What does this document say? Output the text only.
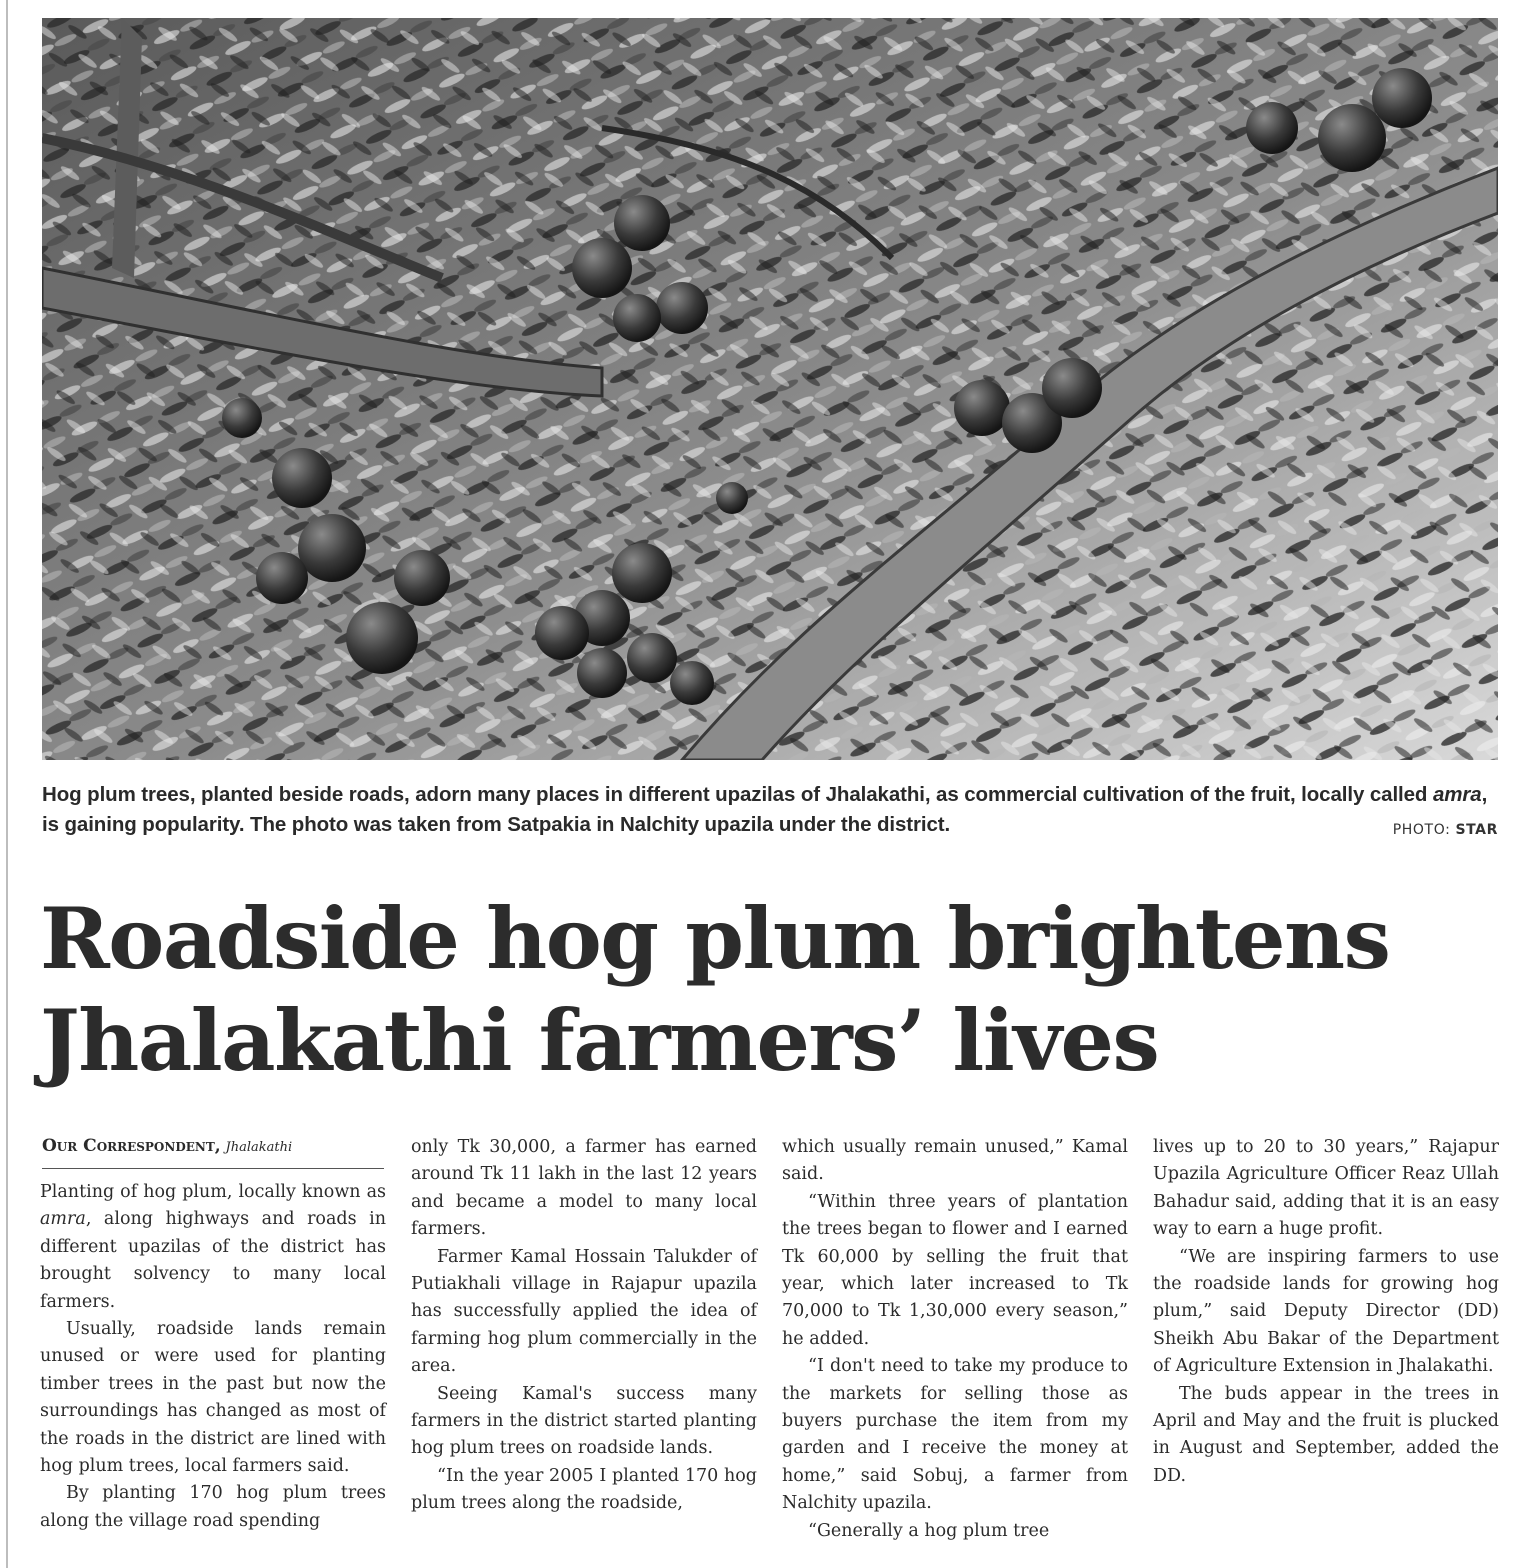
Hog plum trees, planted beside roads, adorn many places in different upazilas of Jhalakathi, as commercial cultivation of the fruit, locally called amra, is gaining popularity. The photo was taken from Satpakia in Nalchity upazila under the district.	PHOTO: STAR
Roadside hog plum brightens
Jhalakathi farmers’ lives
Our Correspondent, Jhalakathi

Planting of hog plum, locally known as amra, along highways and roads in different upazilas of the district has brought solvency to many local farmers.

Usually, roadside lands remain unused or were used for planting timber trees in the past but now the surroundings has changed as most of the roads in the district are lined with hog plum trees, local farmers said.

By planting 170 hog plum trees along the village road spending

only Tk 30,000, a farmer has earned around Tk 11 lakh in the last 12 years and became a model to many local farmers.

Farmer Kamal Hossain Talukder of Putiakhali village in Rajapur upazila has successfully applied the idea of farming hog plum commercially in the area.

Seeing Kamal's success many farmers in the district started planting hog plum trees on roadside lands.

“In the year 2005 I planted 170 hog plum trees along the roadside,

which usually remain unused,” Kamal said.

“Within three years of plantation the trees began to flower and I earned Tk 60,000 by selling the fruit that year, which later increased to Tk 70,000 to Tk 1,30,000 every season,” he added.

“I don't need to take my produce to the markets for selling those as buyers purchase the item from my garden and I receive the money at home,” said Sobuj, a farmer from Nalchity upazila.

“Generally a hog plum tree

lives up to 20 to 30 years,” Rajapur Upazila Agriculture Officer Reaz Ullah Bahadur said, adding that it is an easy way to earn a huge profit.

“We are inspiring farmers to use the roadside lands for growing hog plum,” said Deputy Director (DD) Sheikh Abu Bakar of the Department of Agriculture Extension in Jhalakathi.

The buds appear in the trees in April and May and the fruit is plucked in August and September, added the DD.
